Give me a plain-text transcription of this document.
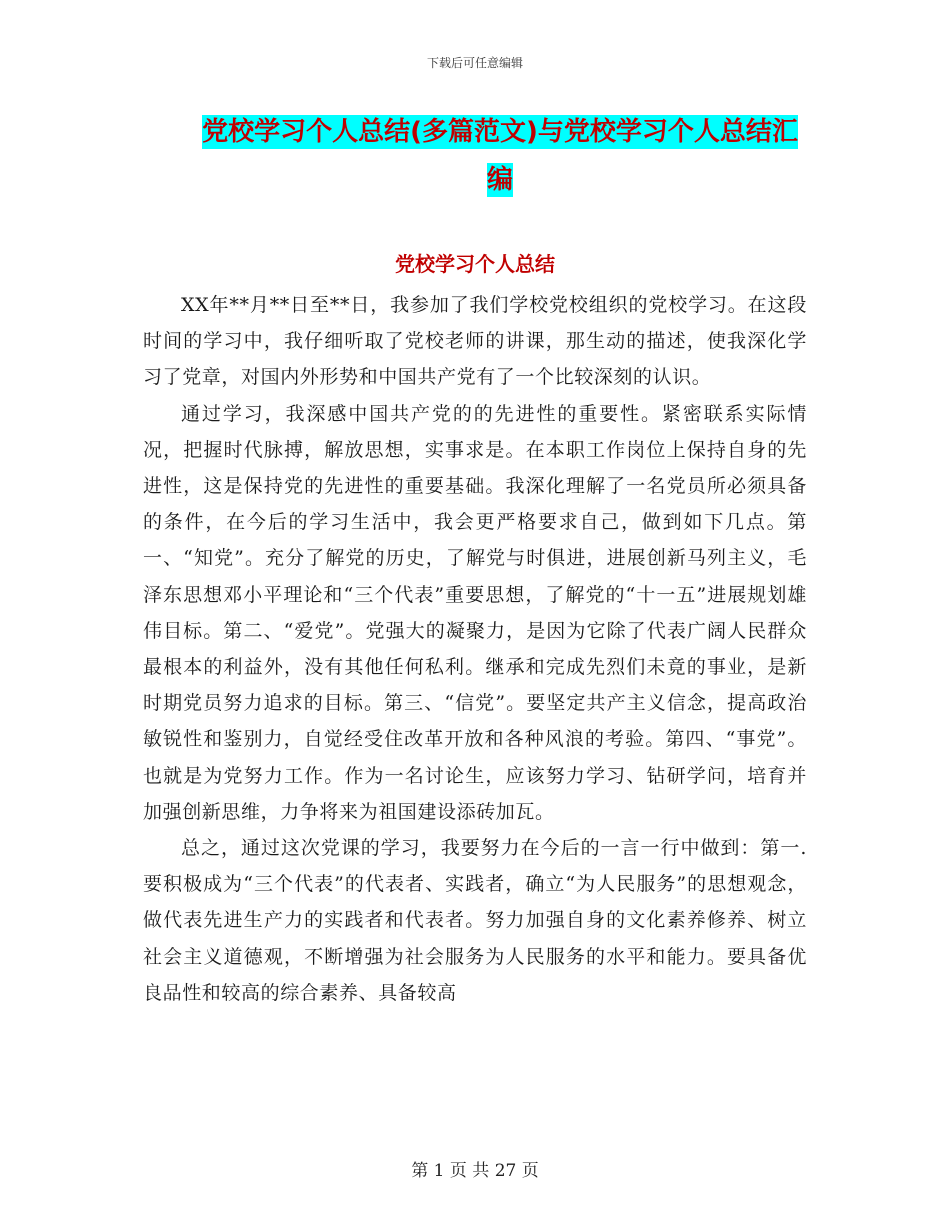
下载后可任意编辑
党校学习个人总结(多篇范文)与党校学习个人总结汇编
党校学习个人总结

XX年**月**日至**日，我参加了我们学校党校组织的党校学习。在这段时间的学习中，我仔细听取了党校老师的讲课，那生动的描述，使我深化学习了党章，对国内外形势和中国共产党有了一个比较深刻的认识。

通过学习，我深感中国共产党的的先进性的重要性。紧密联系实际情况，把握时代脉搏，解放思想，实事求是。在本职工作岗位上保持自身的先进性，这是保持党的先进性的重要基础。我深化理解了一名党员所必须具备的条件，在今后的学习生活中，我会更严格要求自己，做到如下几点。第一、“知党”。充分了解党的历史，了解党与时俱进，进展创新马列主义，毛泽东思想邓小平理论和“三个代表”重要思想，了解党的“十一五”进展规划雄伟目标。第二、“爱党”。党强大的凝聚力，是因为它除了代表广阔人民群众最根本的利益外，没有其他任何私利。继承和完成先烈们未竟的事业，是新时期党员努力追求的目标。第三、“信党”。要坚定共产主义信念，提高政治敏锐性和鉴别力，自觉经受住改革开放和各种风浪的考验。第四、“事党”。也就是为党努力工作。作为一名讨论生，应该努力学习、钻研学问，培育并加强创新思维，力争将来为祖国建设添砖加瓦。

总之，通过这次党课的学习，我要努力在今后的一言一行中做到：第一.要积极成为“三个代表”的代表者、实践者，确立“为人民服务”的思想观念，做代表先进生产力的实践者和代表者。努力加强自身的文化素养修养、树立社会主义道德观，不断增强为社会服务为人民服务的水平和能力。要具备优良品性和较高的综合素养、具备较高

第 1 页 共 27 页
